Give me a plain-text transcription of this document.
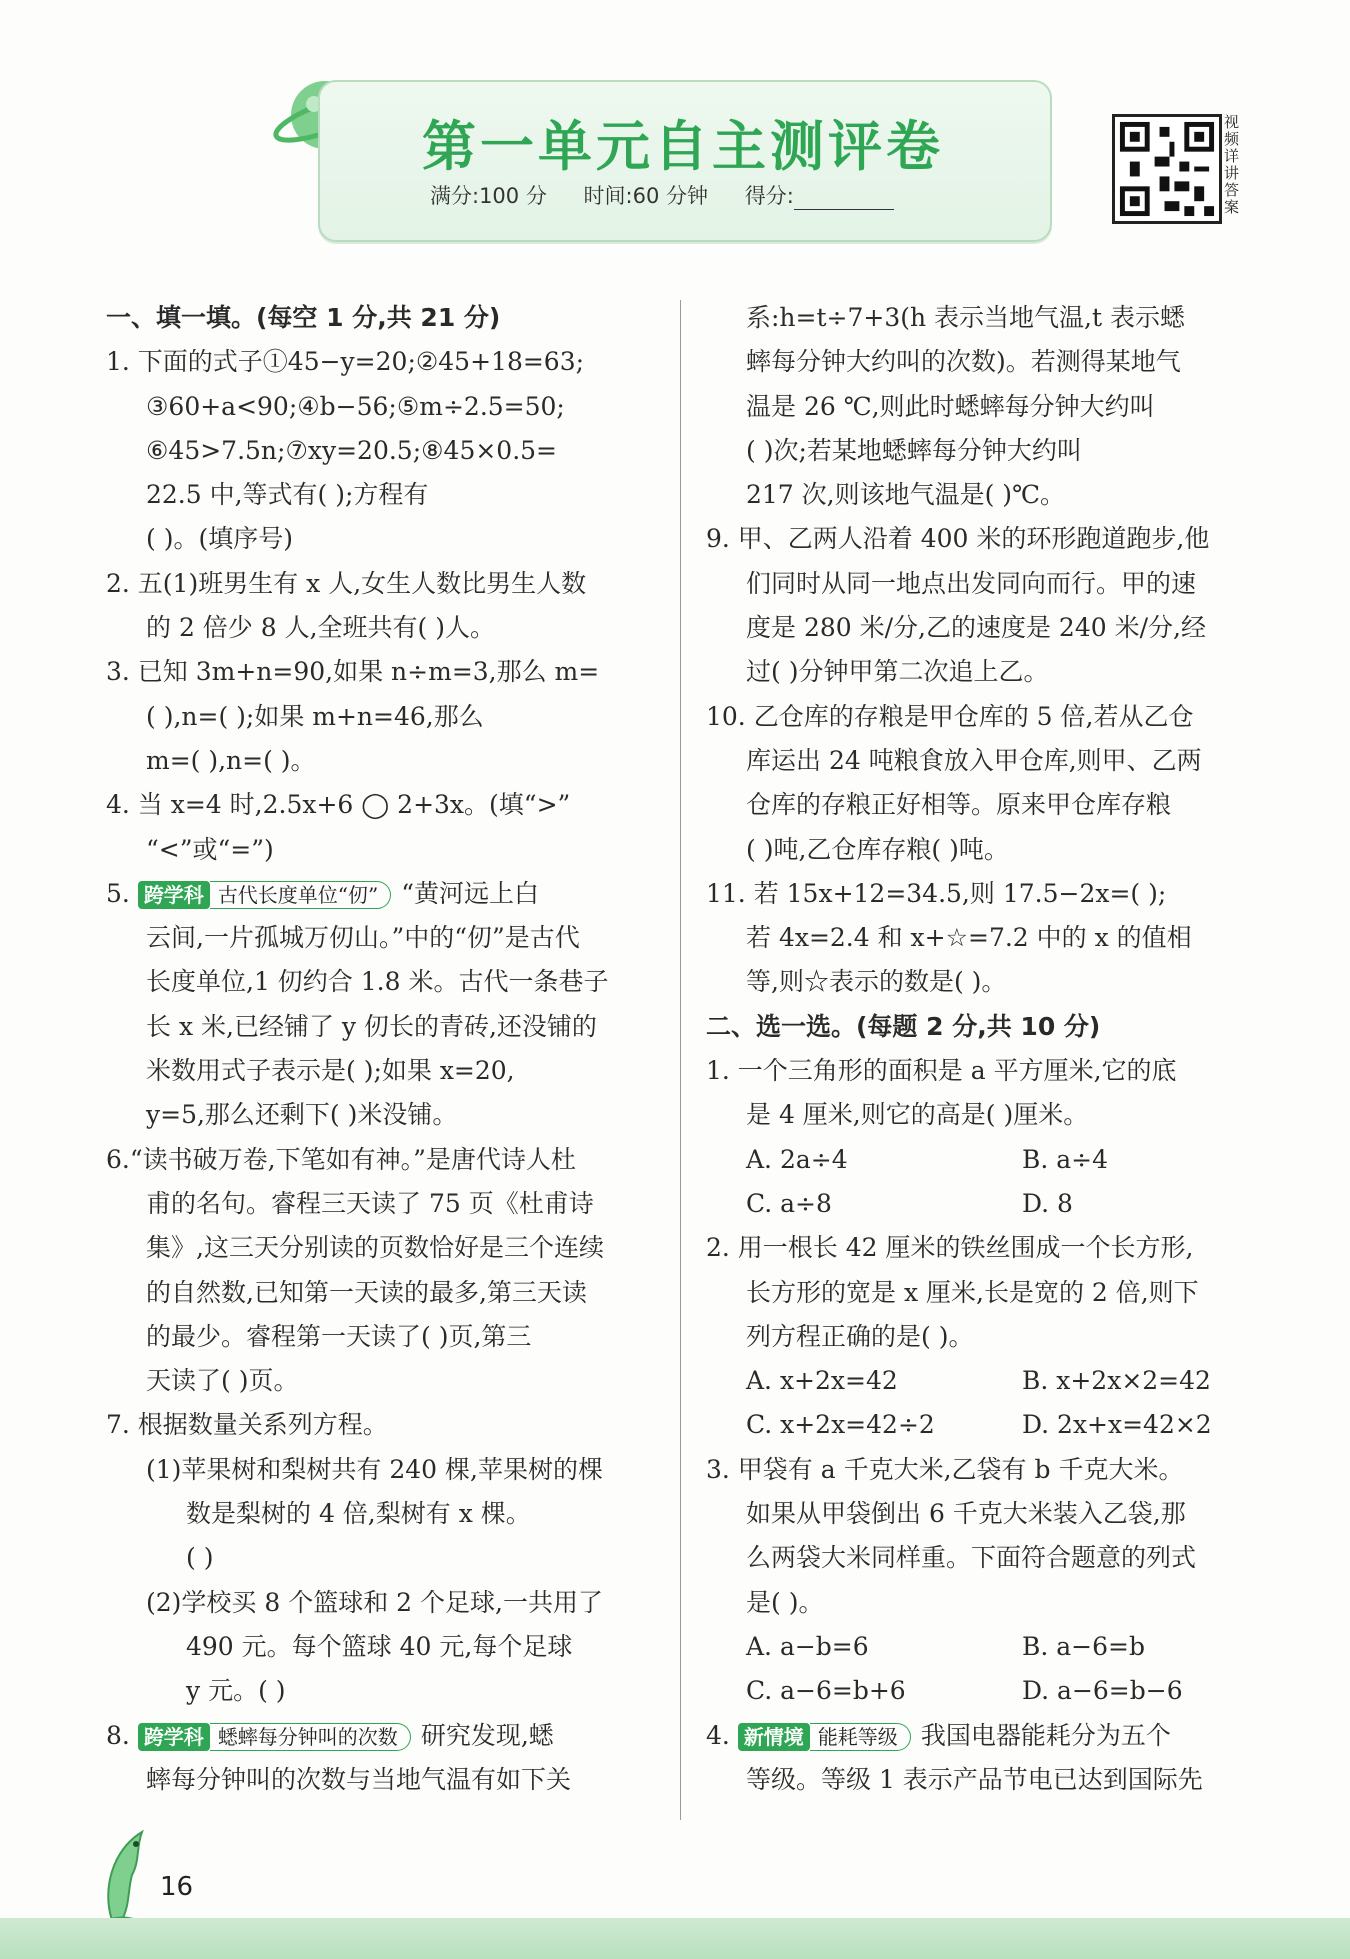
第一单元自主测评卷
满分:100 分 时间:60 分钟 得分:
视频详讲答案
一、填一填。(每空 1 分,共 21 分)
1. 下面的式子①45−y=20;②45+18=63;
③60+a<90;④b−56;⑤m÷2.5=50;
⑥45>7.5n;⑦xy=20.5;⑧45×0.5=
22.5 中,等式有( );方程有
( )。(填序号)
2. 五(1)班男生有 x 人,女生人数比男生人数
的 2 倍少 8 人,全班共有( )人。
3. 已知 3m+n=90,如果 n÷m=3,那么 m=
( ),n=( );如果 m+n=46,那么
m=( ),n=( )。
4. 当 x=4 时,2.5x+6 ◯ 2+3x。(填“>”
“<”或“=”)
5. 跨学科 古代长度单位“仞” “黄河远上白
云间,一片孤城万仞山。”中的“仞”是古代
长度单位,1 仞约合 1.8 米。古代一条巷子
长 x 米,已经铺了 y 仞长的青砖,还没铺的
米数用式子表示是( );如果 x=20,
y=5,那么还剩下( )米没铺。
6.“读书破万卷,下笔如有神。”是唐代诗人杜
甫的名句。睿程三天读了 75 页《杜甫诗
集》,这三天分别读的页数恰好是三个连续
的自然数,已知第一天读的最多,第三天读
的最少。睿程第一天读了( )页,第三
天读了( )页。
7. 根据数量关系列方程。
(1)苹果树和梨树共有 240 棵,苹果树的棵
数是梨树的 4 倍,梨树有 x 棵。
( )
(2)学校买 8 个篮球和 2 个足球,一共用了
490 元。每个篮球 40 元,每个足球
y 元。( )
8. 跨学科 蟋蟀每分钟叫的次数 研究发现,蟋
蟀每分钟叫的次数与当地气温有如下关
系:h=t÷7+3(h 表示当地气温,t 表示蟋
蟀每分钟大约叫的次数)。若测得某地气
温是 26 ℃,则此时蟋蟀每分钟大约叫
( )次;若某地蟋蟀每分钟大约叫
217 次,则该地气温是( )℃。
9. 甲、乙两人沿着 400 米的环形跑道跑步,他
们同时从同一地点出发同向而行。甲的速
度是 280 米/分,乙的速度是 240 米/分,经
过( )分钟甲第二次追上乙。
10. 乙仓库的存粮是甲仓库的 5 倍,若从乙仓
库运出 24 吨粮食放入甲仓库,则甲、乙两
仓库的存粮正好相等。原来甲仓库存粮
( )吨,乙仓库存粮( )吨。
11. 若 15x+12=34.5,则 17.5−2x=( );
若 4x=2.4 和 x+☆=7.2 中的 x 的值相
等,则☆表示的数是( )。
二、选一选。(每题 2 分,共 10 分)
1. 一个三角形的面积是 a 平方厘米,它的底
是 4 厘米,则它的高是( )厘米。
A. 2a÷4	B. a÷4
C. a÷8	D. 8
2. 用一根长 42 厘米的铁丝围成一个长方形,
长方形的宽是 x 厘米,长是宽的 2 倍,则下
列方程正确的是( )。
A. x+2x=42	B. x+2x×2=42
C. x+2x=42÷2	D. 2x+x=42×2
3. 甲袋有 a 千克大米,乙袋有 b 千克大米。
如果从甲袋倒出 6 千克大米装入乙袋,那
么两袋大米同样重。下面符合题意的列式
是( )。
A. a−b=6	B. a−6=b
C. a−6=b+6	D. a−6=b−6
4. 新情境 能耗等级 我国电器能耗分为五个
等级。等级 1 表示产品节电已达到国际先
16
